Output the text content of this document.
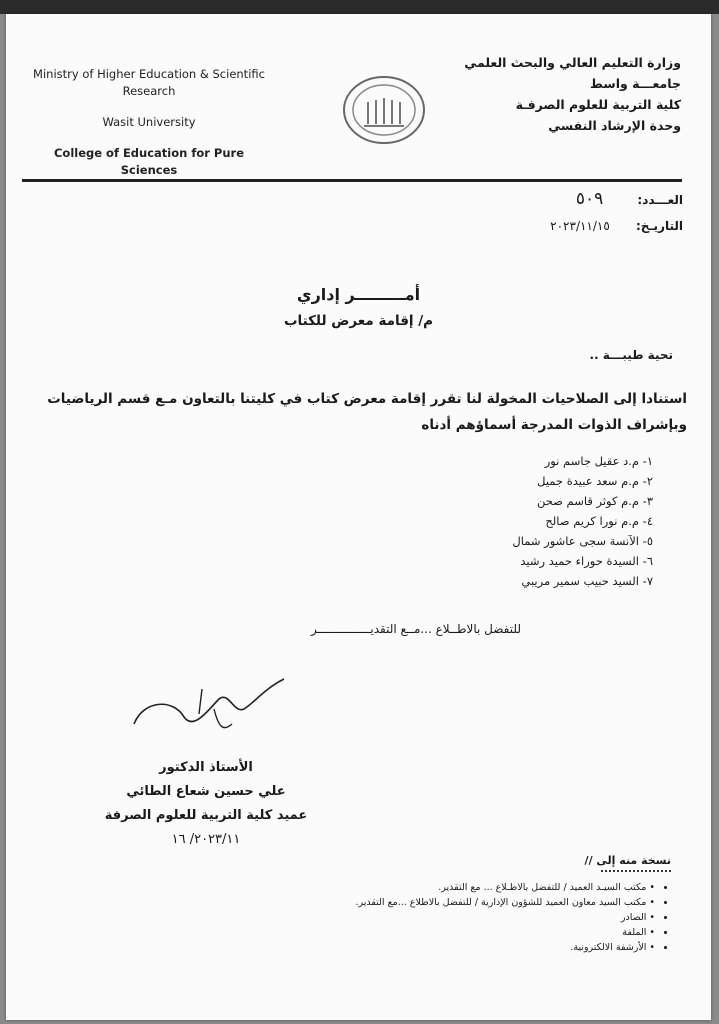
Ministry of Higher Education & Scientific Research
Wasit University
College of Education for Pure Sciences
وزارة التعليم العالي والبحث العلمي
جامعـــة واسط
كلية التربية للعلوم الصرفـة
وحدة الإرشاد النفسي
العـــدد: ٥٠٩
التاريـخ: ٢٠٢٣/١١/١٥
أمـــــــــر إداري
م/ إقامة معرض للكتاب
تحية طيبـــة ..
استنادا إلى الصلاحيات المخولة لنا تقرر إقامة معرض كتاب في كليتنا بالتعاون مـع قسم الرياضيات
وبإشراف الذوات المدرجة أسماؤهم أدناه
١- م.د عقيل جاسم نور
٢- م.م سعد عبيدة جميل
٣- م.م كوثر قاسم صحن
٤- م.م نورا كريم صالح
٥- الآنسة سجى عاشور شمال
٦- السيدة حوراء حميد رشيد
٧- السيد حبيب سمير مريبي
للتفضل بالاطــلاع ...مــع التقديـــــــــــــــر
الأستاذ الدكتور
علي حسين شعاع الطائي
عميد كلية التربية للعلوم الصرفة
٢٠٢٣/١١/ ١٦
نسخة منه إلى //
• • مكتب السيـد العميد / للتفضل بالاطـلاع ... مع التقدير.
• • مكتب السيد معاون العميد للشؤون الإدارية / للتفضل بالاطلاع ...مع التقدير.
• • الصادر
• • الملفة
• • الأرشفة الالكترونية.
